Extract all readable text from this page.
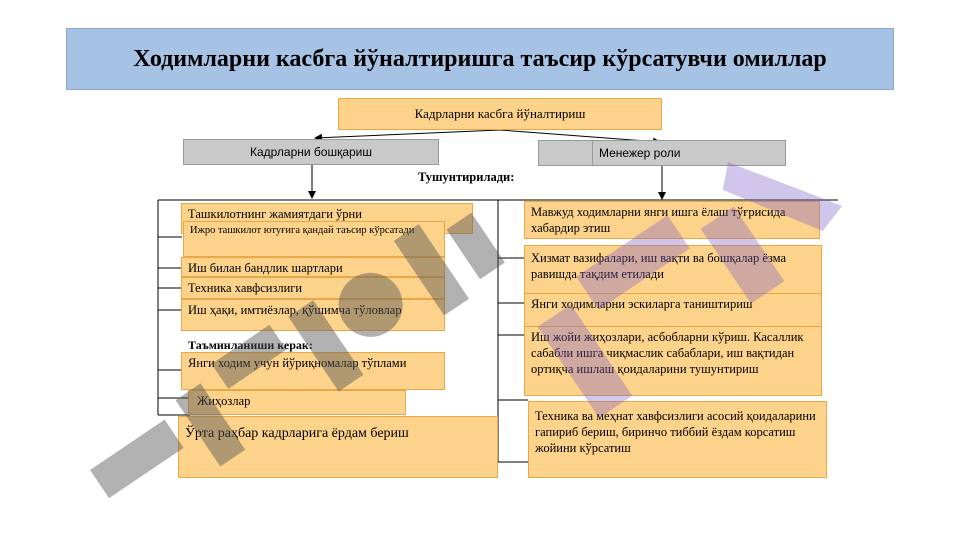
Ходимларни касбга йўналтиришга таъсир кўрсатувчи омиллар
Кадрларни касбга йўналтириш
Кадрларни бошқариш	Менежер роли
Тушунтирилади:
Ташкилотнинг жамиятдаги ўрни
Ижро ташкилот ютуғига қандай таъсир кўрсатади
Иш билан бандлик шартлари
Техника хавфсизлиги
Иш ҳақи, имтиёзлар, қўшимча тўловлар
Таъминланиши керак:
Янги ходим учун йўриқномалар тўплами
Жиҳозлар
Ўрта раҳбар кадрларига ёрдам бериш
Мавжуд ходимларни янги ишга ёлаш тўғрисида хабардир этиш
Хизмат вазифалари, иш вақти ва бошқалар ёзма равишда тақдим етилади
Янги ходимларни эскиларга таништириш
Иш жойи жиҳозлари, асбобларни кўриш. Касаллик сабабли ишга чиқмаслик сабаблари, иш вақтидан ортиқча ишлаш қоидаларини тушунтириш
Техника ва меҳнат хавфсизлиги асосий қоидаларини гапириб бериш, биринчо тиббий ёздам корсатиш жойини кўрсатиш
